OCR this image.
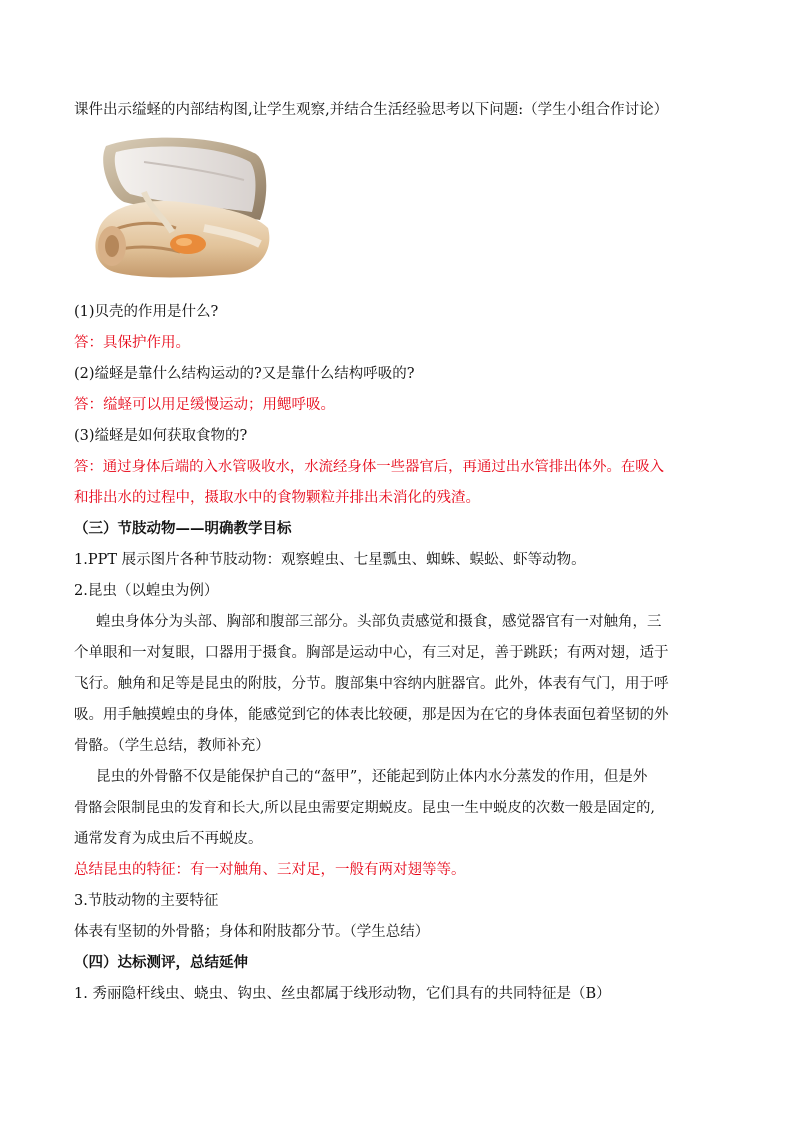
课件出示缢蛏的内部结构图,让学生观察,并结合生活经验思考以下问题:（学生小组合作讨论）
(1)贝壳的作用是什么?
答：具保护作用。
(2)缢蛏是靠什么结构运动的?又是靠什么结构呼吸的?
答：缢蛏可以用足缓慢运动；用鳃呼吸。
(3)缢蛏是如何获取食物的?
答：通过身体后端的入水管吸收水，水流经身体一些器官后，再通过出水管排出体外。在吸入
和排出水的过程中，摄取水中的食物颗粒并排出未消化的残渣。
（三）节肢动物——明确教学目标
1.PPT 展示图片各种节肢动物：观察蝗虫、七星瓢虫、蜘蛛、蜈蚣、虾等动物。
2.昆虫（以蝗虫为例）
蝗虫身体分为头部、胸部和腹部三部分。头部负责感觉和摄食，感觉器官有一对触角，三
个单眼和一对复眼，口器用于摄食。胸部是运动中心，有三对足，善于跳跃；有两对翅，适于
飞行。触角和足等是昆虫的附肢，分节。腹部集中容纳内脏器官。此外，体表有气门，用于呼
吸。用手触摸蝗虫的身体，能感觉到它的体表比较硬，那是因为在它的身体表面包着坚韧的外
骨骼。（学生总结，教师补充）
昆虫的外骨骼不仅是能保护自己的“盔甲”，还能起到防止体内水分蒸发的作用，但是外
骨骼会限制昆虫的发育和长大,所以昆虫需要定期蜕皮。昆虫一生中蜕皮的次数一般是固定的,
通常发育为成虫后不再蜕皮。
总结昆虫的特征：有一对触角、三对足，一般有两对翅等等。
3.节肢动物的主要特征
体表有坚韧的外骨骼；身体和附肢都分节。（学生总结）
（四）达标测评，总结延伸
1. 秀丽隐杆线虫、蛲虫、钩虫、丝虫都属于线形动物，它们具有的共同特征是（B）
